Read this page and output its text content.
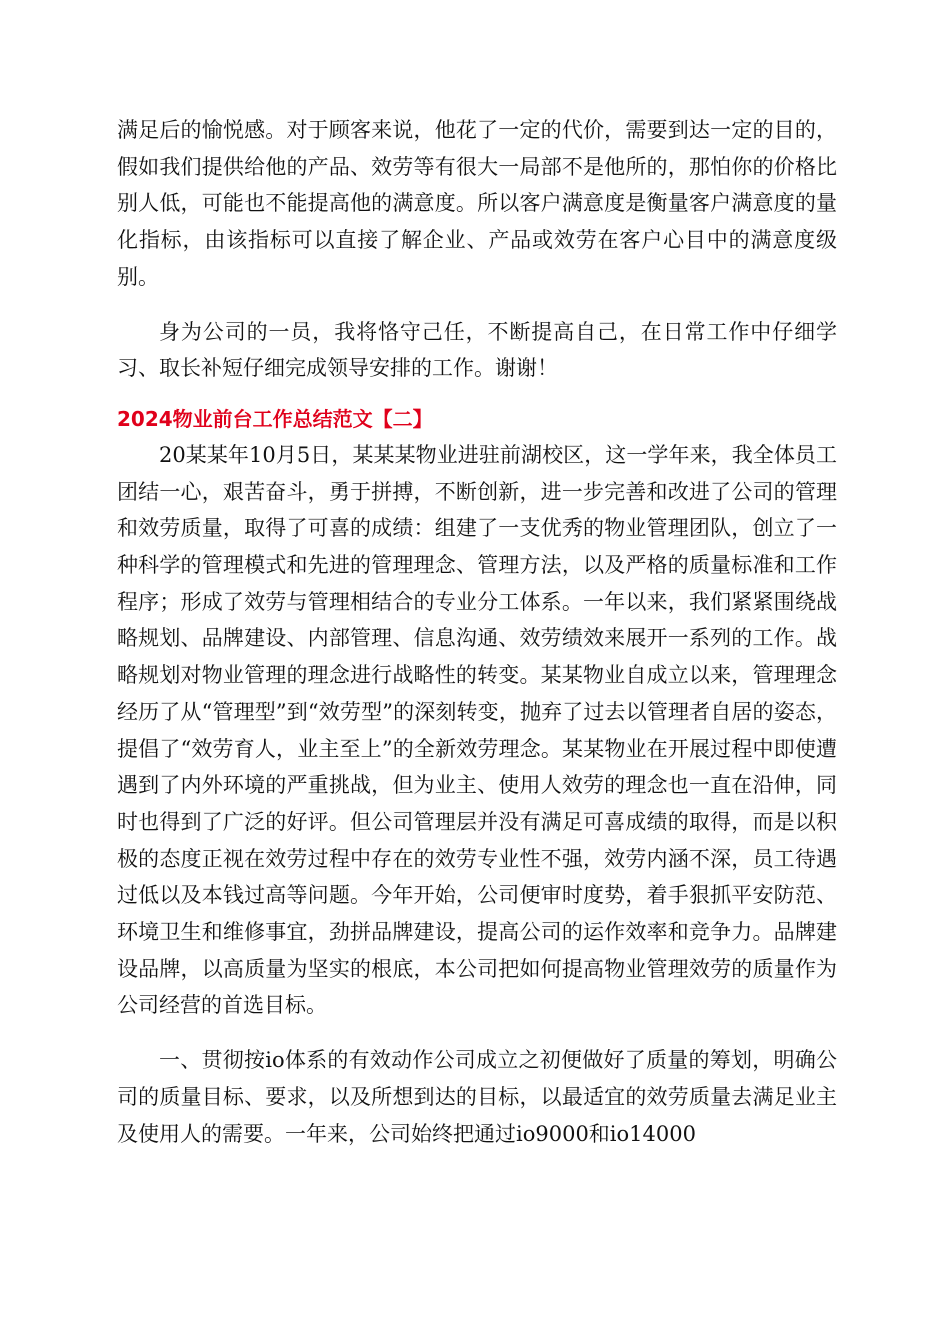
满足后的愉悦感。对于顾客来说，他花了一定的代价，需要到达一定的目的，假如我们提供给他的产品、效劳等有很大一局部不是他所的，那怕你的价格比别人低，可能也不能提高他的满意度。所以客户满意度是衡量客户满意度的量化指标，由该指标可以直接了解企业、产品或效劳在客户心目中的满意度级别。

身为公司的一员，我将恪守己任，不断提高自己，在日常工作中仔细学习、取长补短仔细完成领导安排的工作。谢谢！

2024物业前台工作总结范文【二】

20某某年10月5日，某某某物业进驻前湖校区，这一学年来，我全体员工团结一心，艰苦奋斗，勇于拼搏，不断创新，进一步完善和改进了公司的管理和效劳质量，取得了可喜的成绩：组建了一支优秀的物业管理团队，创立了一种科学的管理模式和先进的管理理念、管理方法，以及严格的质量标准和工作程序；形成了效劳与管理相结合的专业分工体系。一年以来，我们紧紧围绕战略规划、品牌建设、内部管理、信息沟通、效劳绩效来展开一系列的工作。战略规划对物业管理的理念进行战略性的转变。某某物业自成立以来，管理理念经历了从“管理型”到“效劳型”的深刻转变，抛弃了过去以管理者自居的姿态，提倡了“效劳育人，业主至上”的全新效劳理念。某某物业在开展过程中即使遭遇到了内外环境的严重挑战，但为业主、使用人效劳的理念也一直在沿伸，同时也得到了广泛的好评。但公司管理层并没有满足可喜成绩的取得，而是以积极的态度正视在效劳过程中存在的效劳专业性不强，效劳内涵不深，员工待遇过低以及本钱过高等问题。今年开始，公司便审时度势，着手狠抓平安防范、环境卫生和维修事宜，劲拼品牌建设，提高公司的运作效率和竞争力。品牌建设品牌，以高质量为坚实的根底，本公司把如何提高物业管理效劳的质量作为公司经营的首选目标。

一、贯彻按io体系的有效动作公司成立之初便做好了质量的筹划，明确公司的质量目标、要求，以及所想到达的目标，以最适宜的效劳质量去满足业主及使用人的需要。一年来，公司始终把通过io9000和io14000
